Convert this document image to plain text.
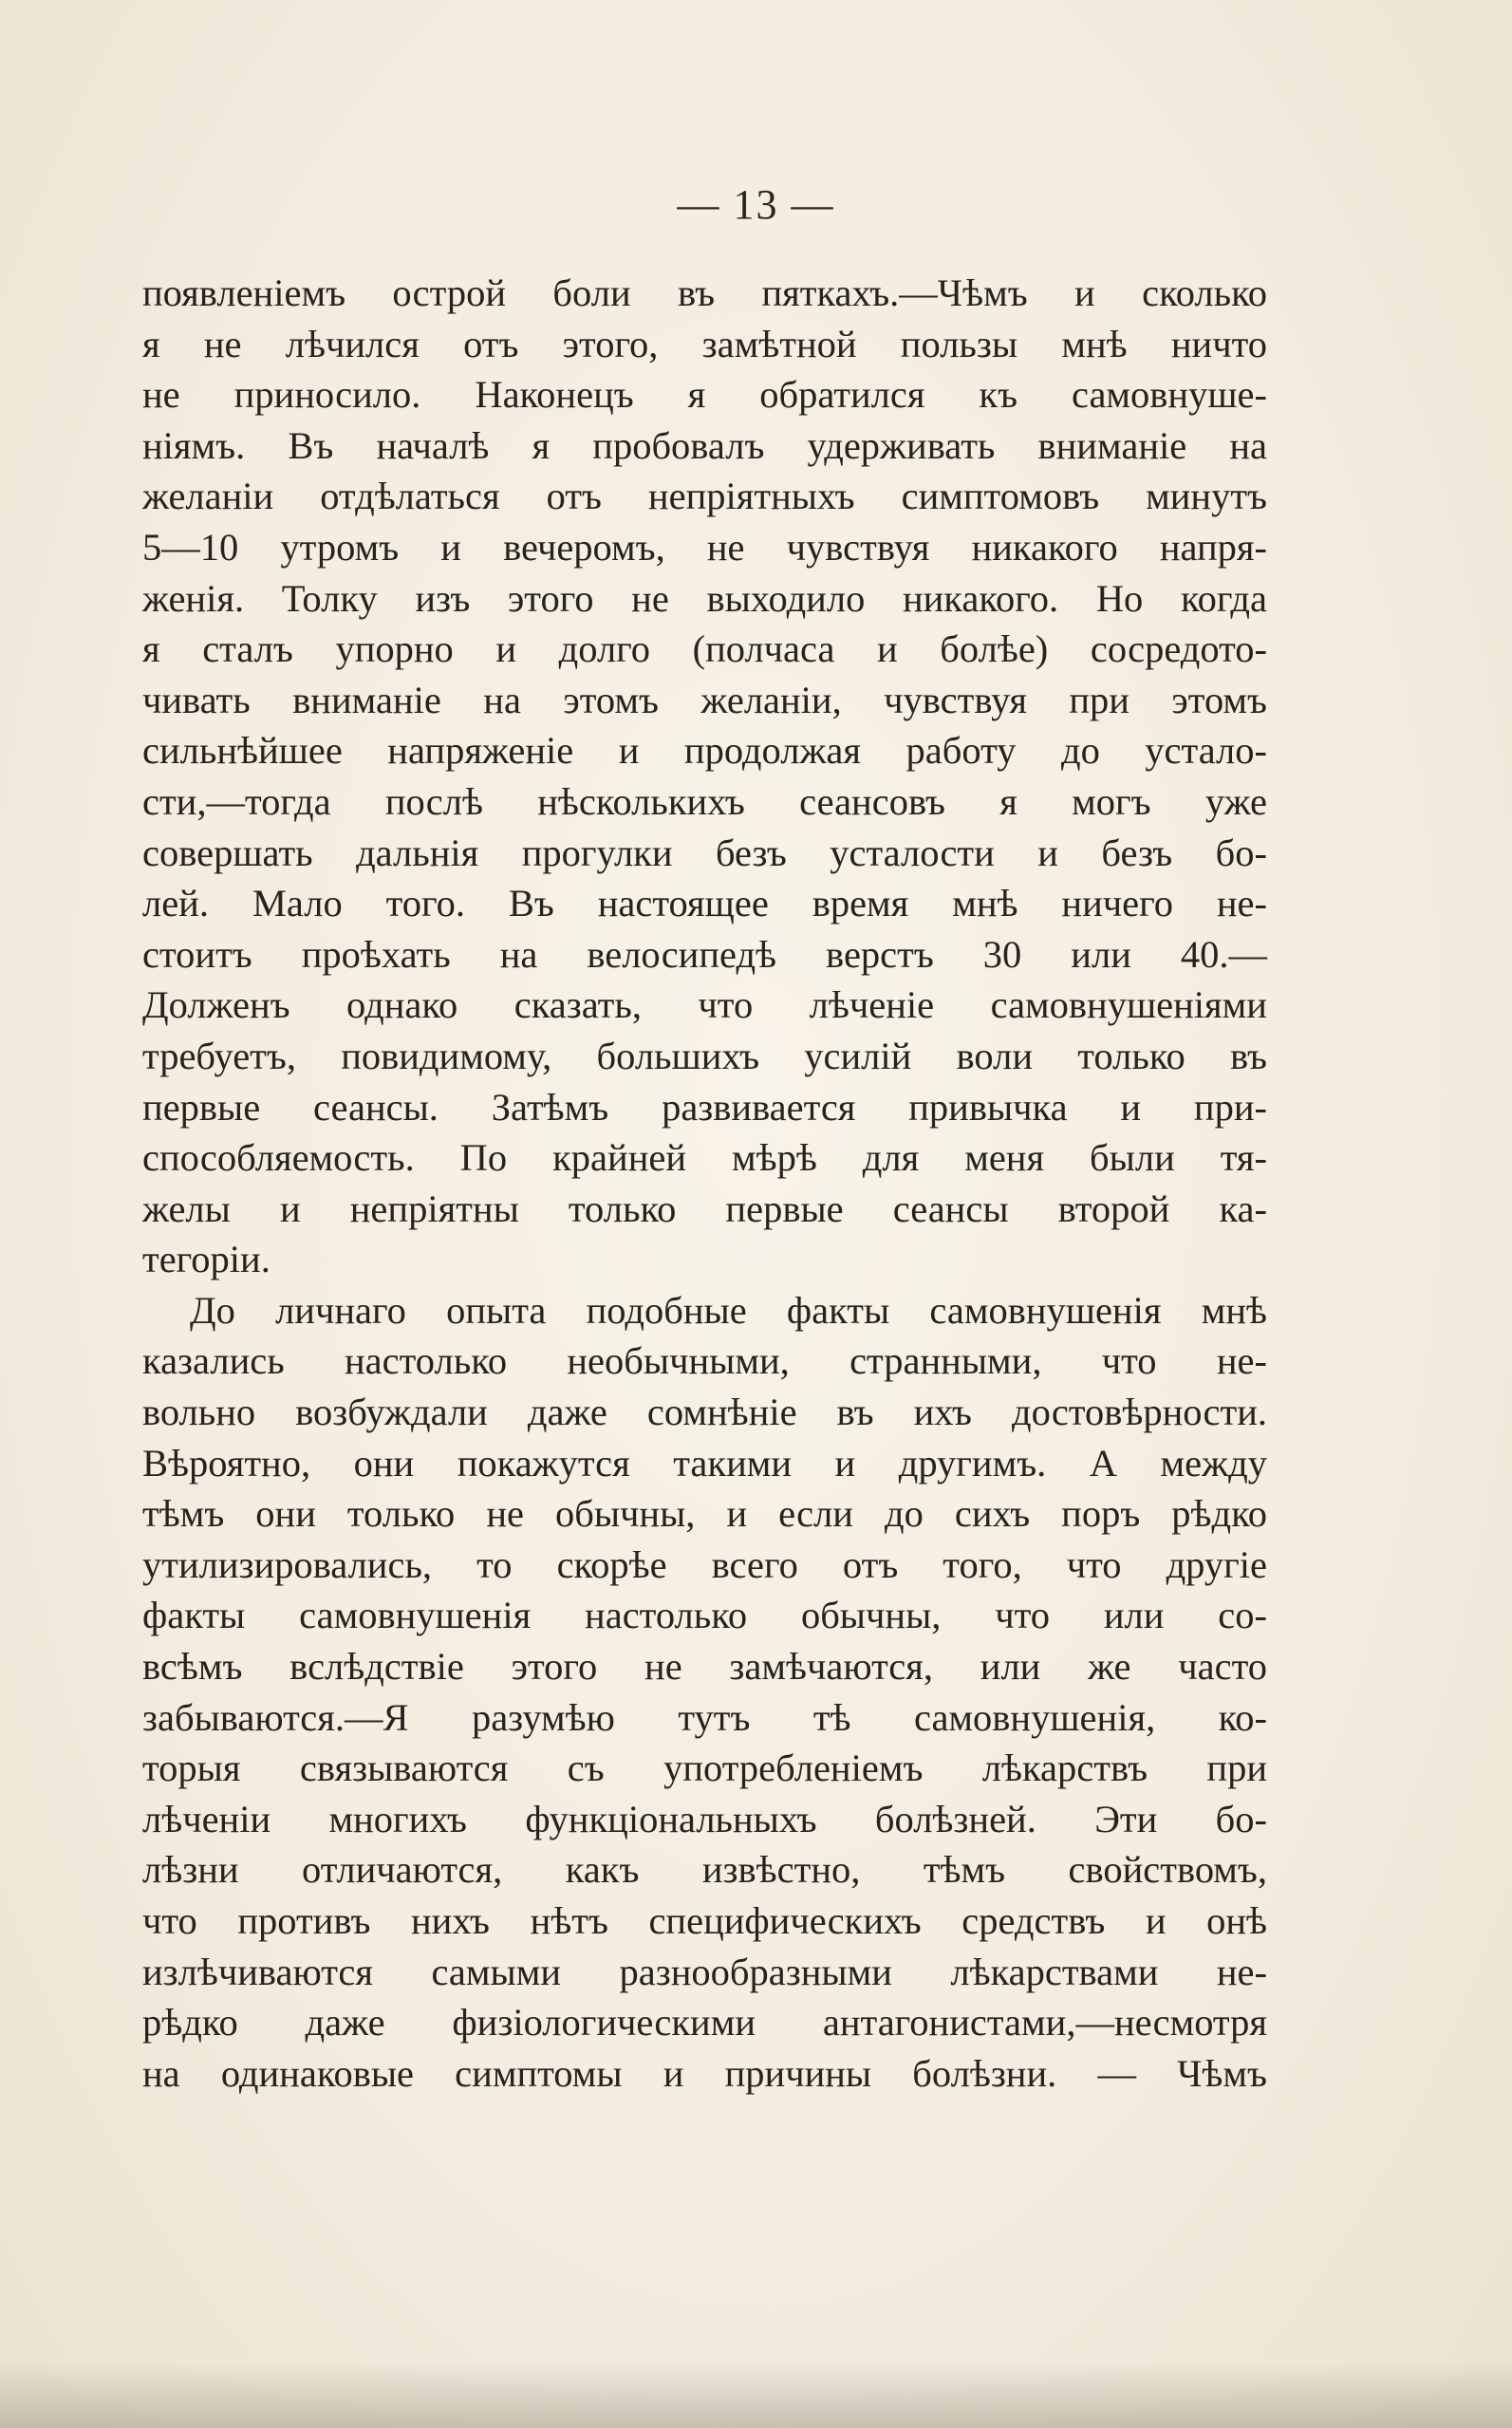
— 13 —
появленіемъ острой боли въ пяткахъ.—Чѣмъ и сколько
я не лѣчился отъ этого, замѣтной пользы мнѣ ничто
не приносило. Наконецъ я обратился къ самовнуше-
ніямъ. Въ началѣ я пробовалъ удерживать вниманіе на
желаніи отдѣлаться отъ непріятныхъ симптомовъ минутъ
5—10 утромъ и вечеромъ, не чувствуя никакого напря-
женія. Толку изъ этого не выходило никакого. Но когда
я сталъ упорно и долго (полчаса и болѣе) сосредото-
чивать вниманіе на этомъ желаніи, чувствуя при этомъ
сильнѣйшее напряженіе и продолжая работу до устало-
сти,—тогда послѣ нѣсколькихъ сеансовъ я могъ уже
совершать дальнія прогулки безъ усталости и безъ бо-
лей. Мало того. Въ настоящее время мнѣ ничего не-
стоитъ проѣхать на велосипедѣ верстъ 30 или 40.—
Долженъ однако сказать, что лѣченіе самовнушеніями
требуетъ, повидимому, большихъ усилій воли только въ
первые сеансы. Затѣмъ развивается привычка и при-
способляемость. По крайней мѣрѣ для меня были тя-
желы и непріятны только первые сеансы второй ка-
тегоріи.
До личнаго опыта подобные факты самовнушенія мнѣ
казались настолько необычными, странными, что не-
вольно возбуждали даже сомнѣніе въ ихъ достовѣрности.
Вѣроятно, они покажутся такими и другимъ. А между
тѣмъ они только не обычны, и если до сихъ поръ рѣдко
утилизировались, то скорѣе всего отъ того, что другіе
факты самовнушенія настолько обычны, что или со-
всѣмъ вслѣдствіе этого не замѣчаются, или же часто
забываются.—Я разумѣю тутъ тѣ самовнушенія, ко-
торыя связываются съ употребленіемъ лѣкарствъ при
лѣченіи многихъ функціональныхъ болѣзней. Эти бо-
лѣзни отличаются, какъ извѣстно, тѣмъ свойствомъ,
что противъ нихъ нѣтъ специфическихъ средствъ и онѣ
излѣчиваются самыми разнообразными лѣкарствами не-
рѣдко даже физіологическими антагонистами,—несмотря
на одинаковые симптомы и причины болѣзни. — Чѣмъ
